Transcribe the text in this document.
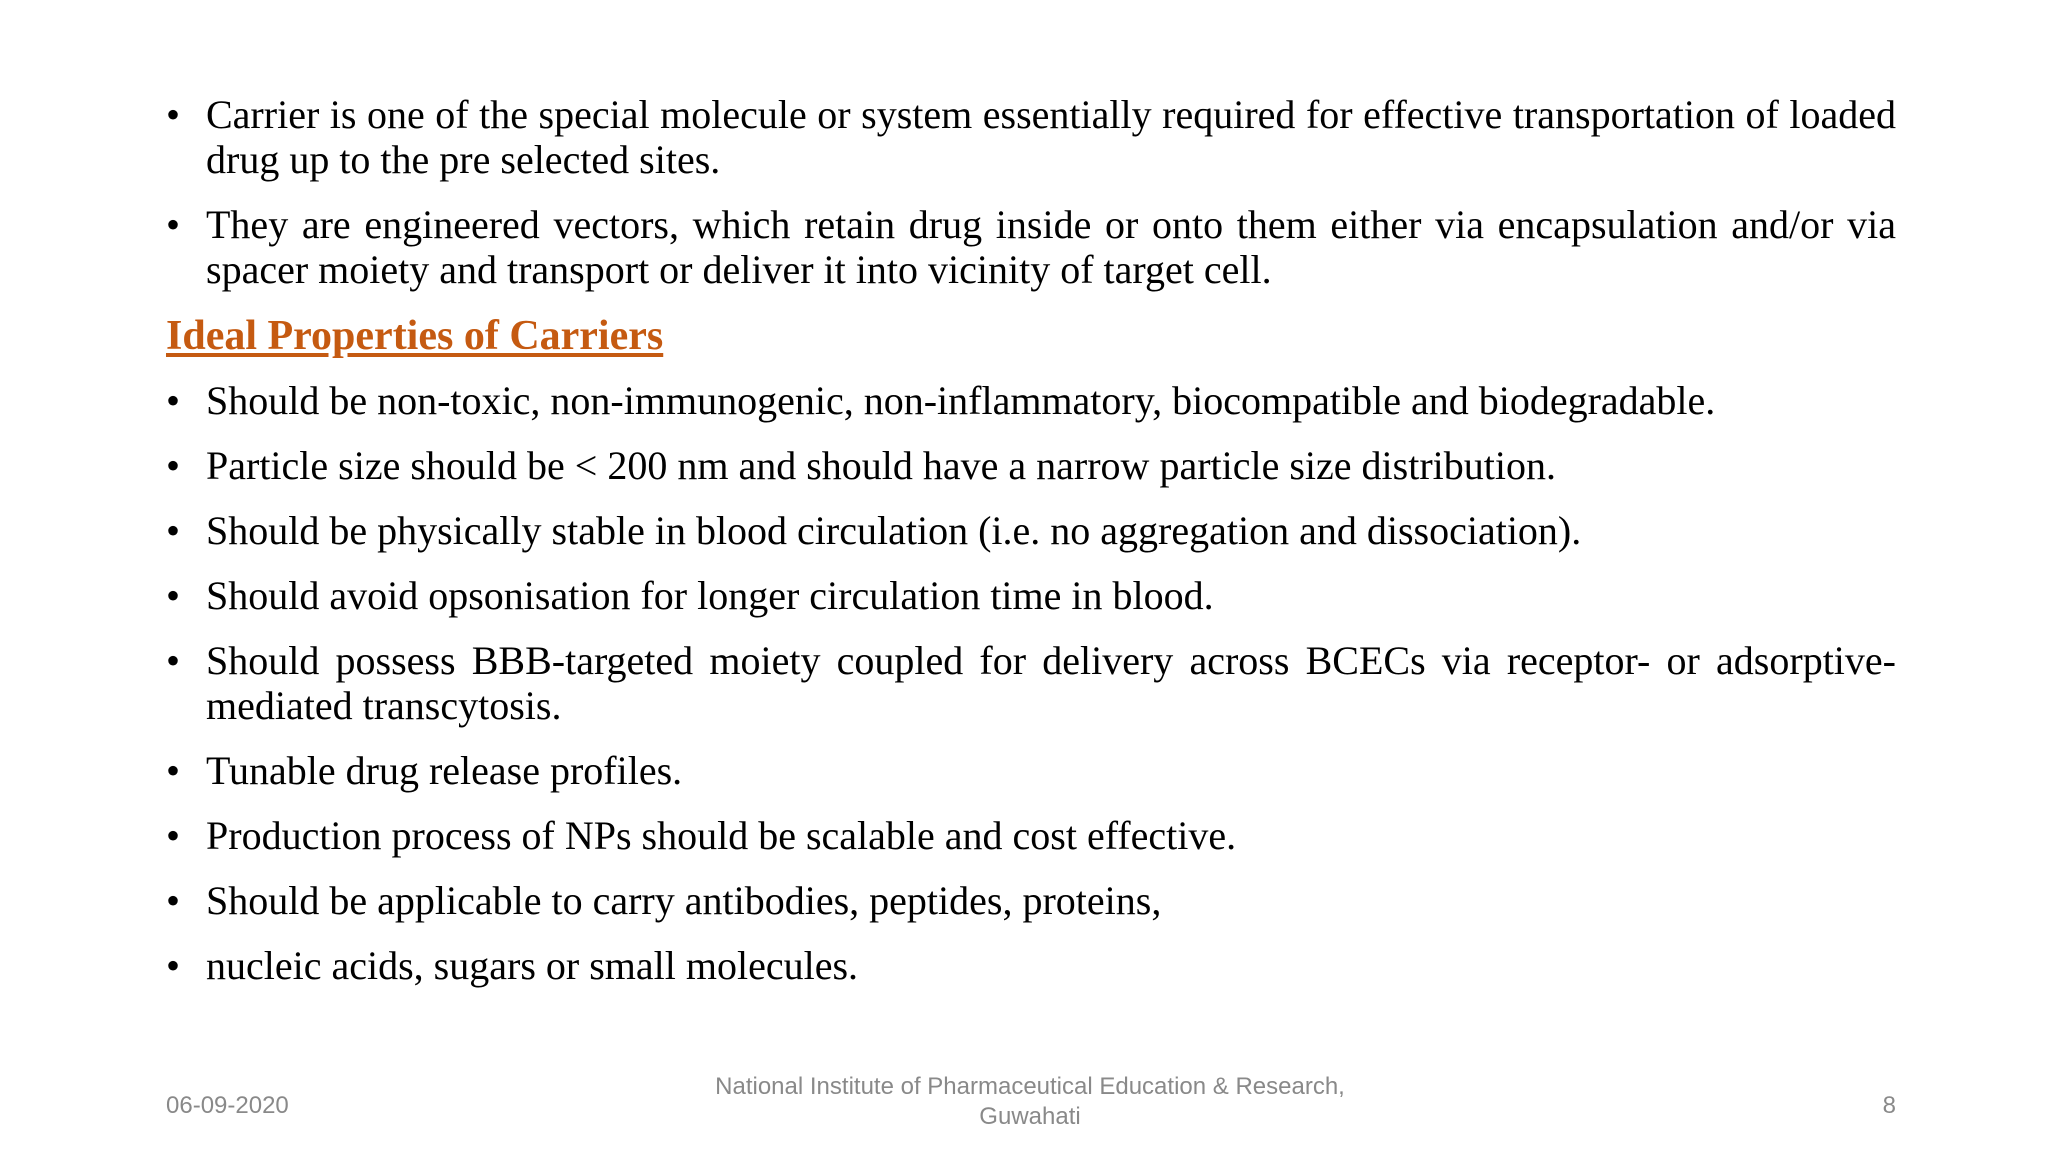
• Carrier is one of the special molecule or system essentially required for effective transportation of loaded drug up to the pre selected sites.
• They are engineered vectors, which retain drug inside or onto them either via encapsulation and/or via spacer moiety and transport or deliver it into vicinity of target cell.
Ideal Properties of Carriers
• Should be non-toxic, non-immunogenic, non-inflammatory, biocompatible and biodegradable.
• Particle size should be < 200 nm and should have a narrow particle size distribution.
• Should be physically stable in blood circulation (i.e. no aggregation and dissociation).
• Should avoid opsonisation for longer circulation time in blood.
• Should possess BBB-targeted moiety coupled for delivery across BCECs via receptor- or adsorptive-mediated transcytosis.
• Tunable drug release profiles.
• Production process of NPs should be scalable and cost effective.
• Should be applicable to carry antibodies, peptides, proteins,
• nucleic acids, sugars or small molecules.
06-09-2020
National Institute of Pharmaceutical Education & Research, Guwahati	8
